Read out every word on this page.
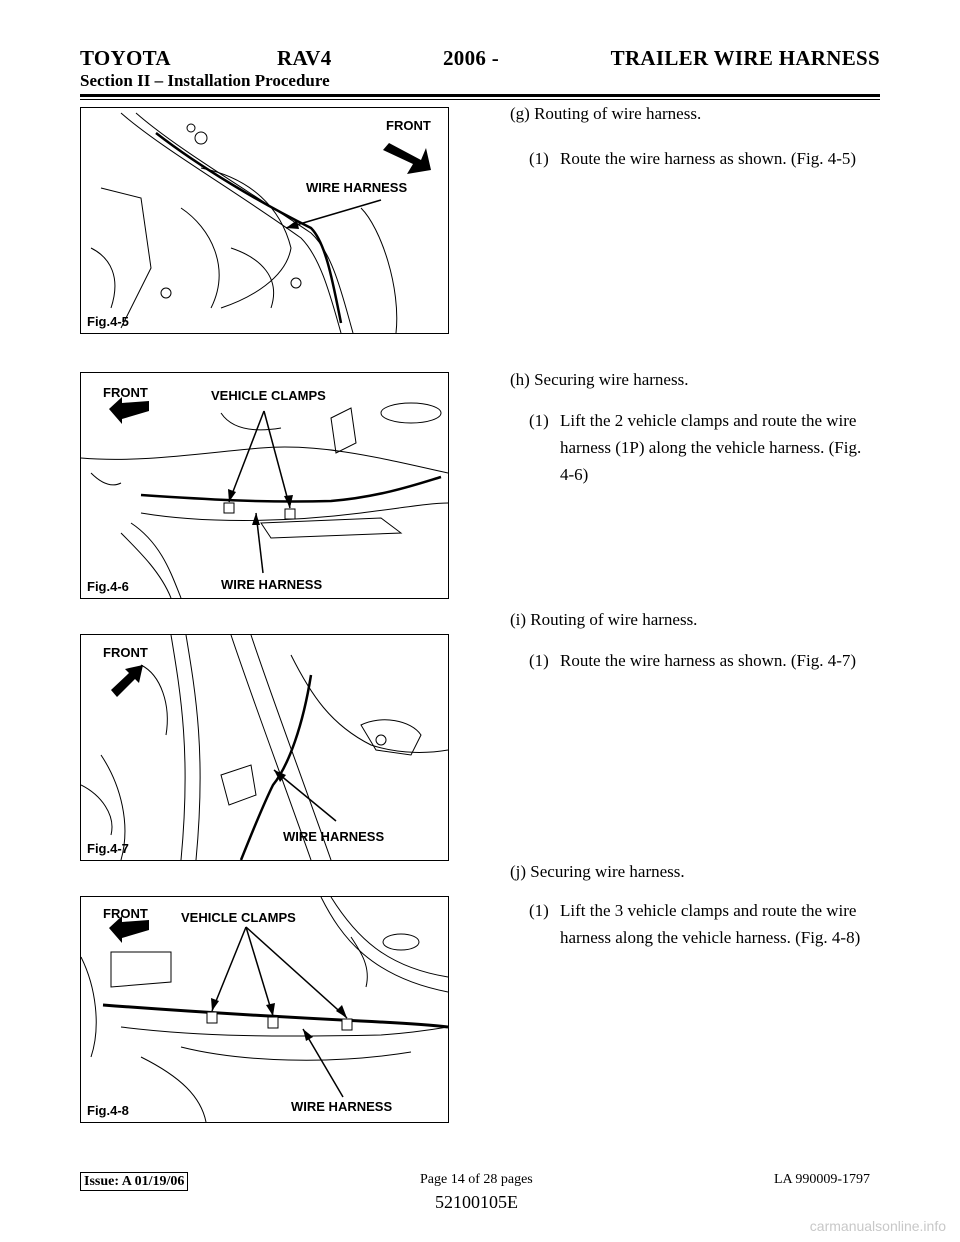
TOYOTA	RAV4	2006 -	TRAILER WIRE HARNESS
Section II – Installation Procedure
FRONT
WIRE HARNESS
Fig.4-5
(g) Routing of wire harness.
(1) Route the wire harness as shown. (Fig. 4-5)
FRONT	VEHICLE CLAMPS
WIRE HARNESS
Fig.4-6
(h) Securing wire harness.
(1) Lift the 2 vehicle clamps and route the wire harness (1P) along the vehicle harness. (Fig. 4-6)
FRONT
WIRE HARNESS
Fig.4-7
(i) Routing of wire harness.
(1) Route the wire harness as shown. (Fig. 4-7)
FRONT	VEHICLE CLAMPS
WIRE HARNESS
Fig.4-8
(j) Securing wire harness.
(1) Lift the 3 vehicle clamps and route the wire harness along the vehicle harness. (Fig. 4-8)
Issue: A 01/19/06	Page 14 of 28 pages	LA 990009-1797
52100105E
carmanualsonline.info
